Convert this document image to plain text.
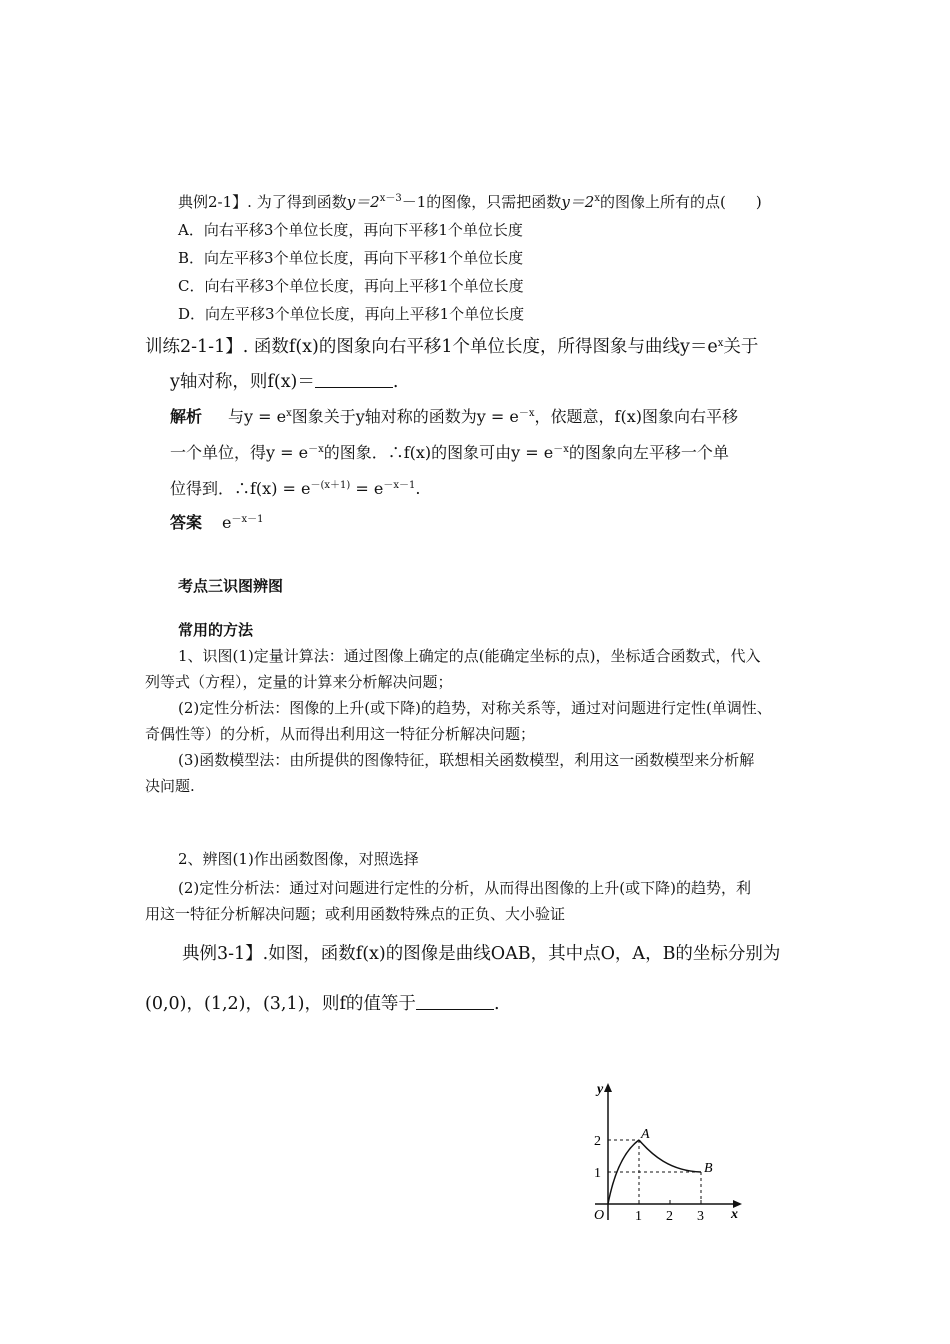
典例2-1】. 为了得到函数$y=2^{x-3}-1$的图像，只需把函数$y=2^x$的图像上所有的点(　　)
A．向右平移3个单位长度，再向下平移1个单位长度
B．向左平移3个单位长度，再向下平移1个单位长度
C．向右平移3个单位长度，再向上平移1个单位长度
D．向左平移3个单位长度，再向上平移1个单位长度
训练2-1-1】. 函数f(x)的图象向右平移1个单位长度，所得图象与曲线$y=e^x$关于
y轴对称，则f(x)＝	.
解析 与$y = e^x$图象关于y轴对称的函数为$y = e^{-x}$，依题意，f(x)图象向右平移
一个单位，得$y = e^{-x}$的图象．∴f(x)的图象可由$y = e^{-x}$的图象向左平移一个单
位得到．∴f(x) = $e^{-(x+1)} = e^{-x-1}$.
答案 $e^{-x-1}$
考点三识图辨图
常用的方法
1、识图(1)定量计算法：通过图像上确定的点(能确定坐标的点)，坐标适合函数式，代入
列等式（方程），定量的计算来分析解决问题；
(2)定性分析法：图像的上升(或下降)的趋势，对称关系等，通过对问题进行定性(单调性、
奇偶性等）的分析，从而得出利用这一特征分析解决问题；
(3)函数模型法：由所提供的图像特征，联想相关函数模型，利用这一函数模型来分析解
决问题.
2、辨图(1)作出函数图像，对照选择
(2)定性分析法：通过对问题进行定性的分析，从而得出图像的上升(或下降)的趋势，利
用这一特征分析解决问题；或利用函数特殊点的正负、大小验证
典例3-1】.如图，函数f(x)的图像是曲线OAB，其中点O，A，B的坐标分别为
(0,0)，(1,2)，(3,1)，则f的值等于	.
y
x
O
2
1
1 2 3
A
B
